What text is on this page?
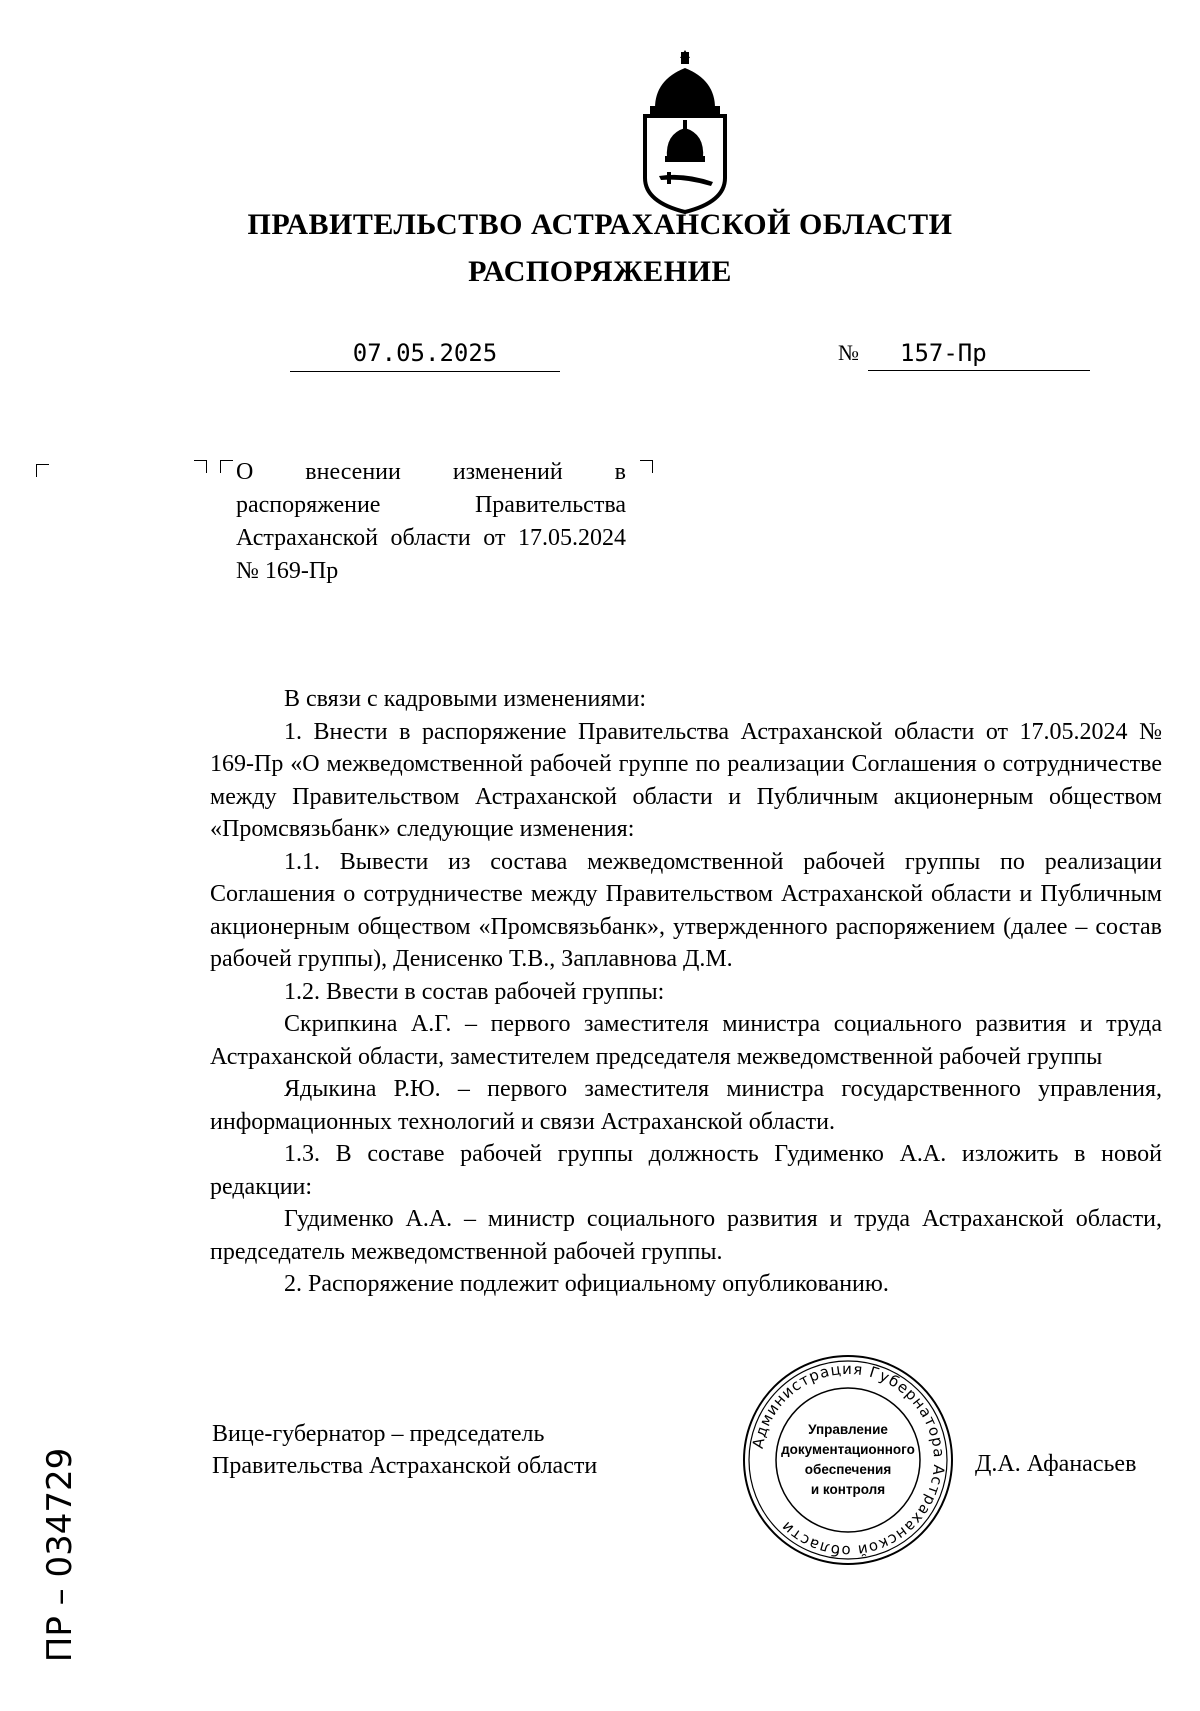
ПРАВИТЕЛЬСТВО АСТРАХАНСКОЙ ОБЛАСТИ
РАСПОРЯЖЕНИЕ
07.05.2025	№	157-Пр
О внесении изменений в распоряжение Правительства Астраханской области от 17.05.2024 № 169-Пр

В связи с кадровыми изменениями:

1. Внести в распоряжение Правительства Астраханской области от 17.05.2024 № 169-Пр «О межведомственной рабочей группе по реализации Соглашения о сотрудничестве между Правительством Астраханской области и Публичным акционерным обществом «Промсвязьбанк» следующие изменения:

1.1. Вывести из состава межведомственной рабочей группы по реализации Соглашения о сотрудничестве между Правительством Астраханской области и Публичным акционерным обществом «Промсвязьбанк», утвержденного распоряжением (далее – состав рабочей группы), Денисенко Т.В., Заплавнова Д.М.

1.2. Ввести в состав рабочей группы:

Скрипкина А.Г. – первого заместителя министра социального развития и труда Астраханской области, заместителем председателя межведомственной рабочей группы

Ядыкина Р.Ю. – первого заместителя министра государственного управления, информационных технологий и связи Астраханской области.

1.3. В составе рабочей группы должность Гудименко А.А. изложить в новой редакции:

Гудименко А.А. – министр социального развития и труда Астраханской области, председатель межведомственной рабочей группы.

2. Распоряжение подлежит официальному опубликованию.

Вице-губернатор – председатель
Правительства Астраханской области
Администрация Губернатора Астраханской области
Управление
документационного
обеспечения
и контроля
Д.А. Афанасьев
ПР – 034729
